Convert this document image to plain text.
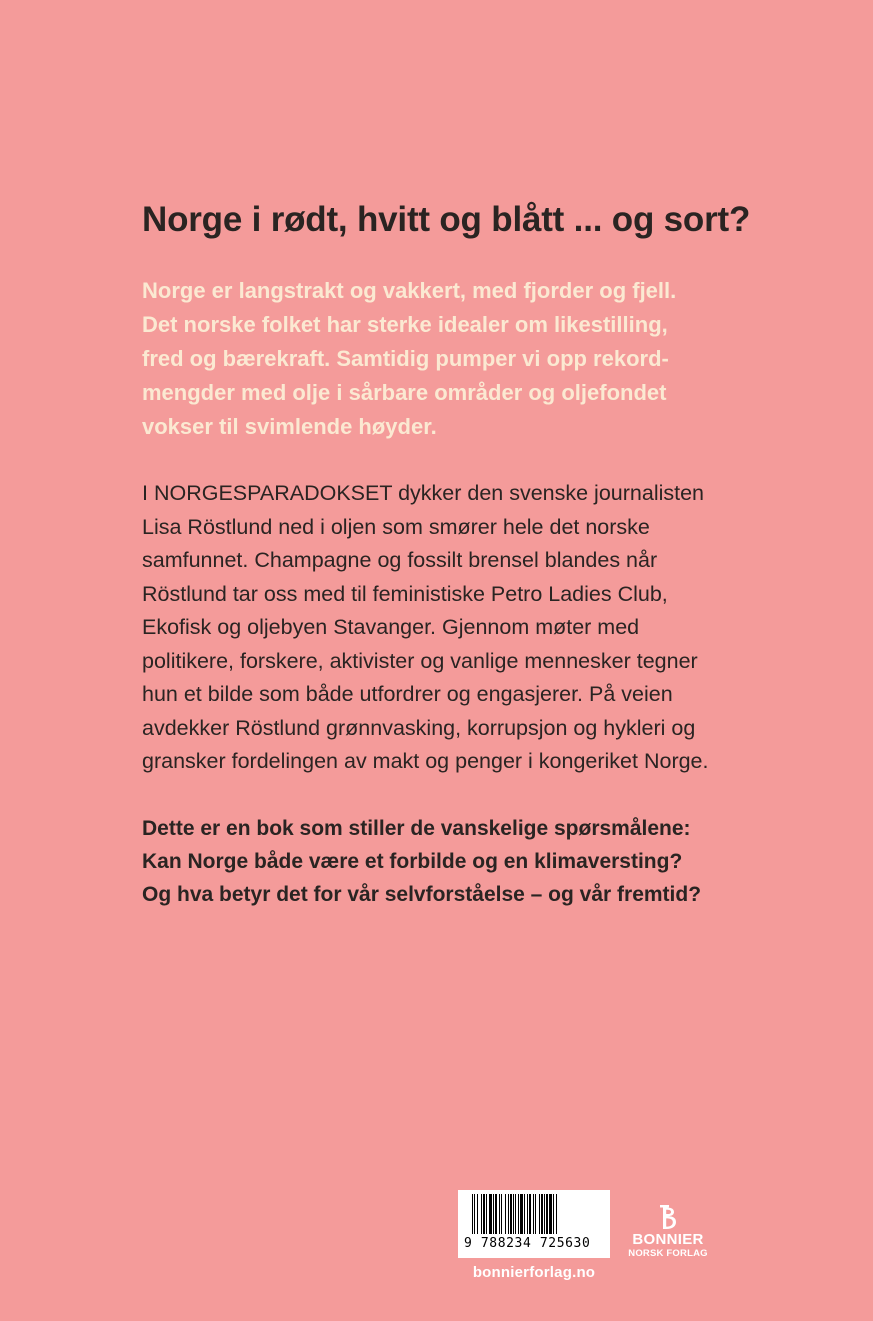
Norge i rødt, hvitt og blått ... og sort?

Norge er langstrakt og vakkert, med fjorder og fjell.
Det norske folket har sterke idealer om likestilling,
fred og bærekraft. Samtidig pumper vi opp rekord-
mengder med olje i sårbare områder og oljefondet
vokser til svimlende høyder.

I NORGESPARADOKSET dykker den svenske journalisten
Lisa Röstlund ned i oljen som smører hele det norske
samfunnet. Champagne og fossilt brensel blandes når
Röstlund tar oss med til feministiske Petro Ladies Club,
Ekofisk og oljebyen Stavanger. Gjennom møter med
politikere, forskere, aktivister og vanlige mennesker tegner
hun et bilde som både utfordrer og engasjerer. På veien
avdekker Röstlund grønnvasking, korrupsjon og hykleri og
gransker fordelingen av makt og penger i kongeriket Norge.

Dette er en bok som stiller de vanskelige spørsmålene:
Kan Norge både være et forbilde og en klimaversting?
Og hva betyr det for vår selvforståelse – og vår fremtid?

9 788234 725630
bonnierforlag.no
BONNIER
NORSK FORLAG
